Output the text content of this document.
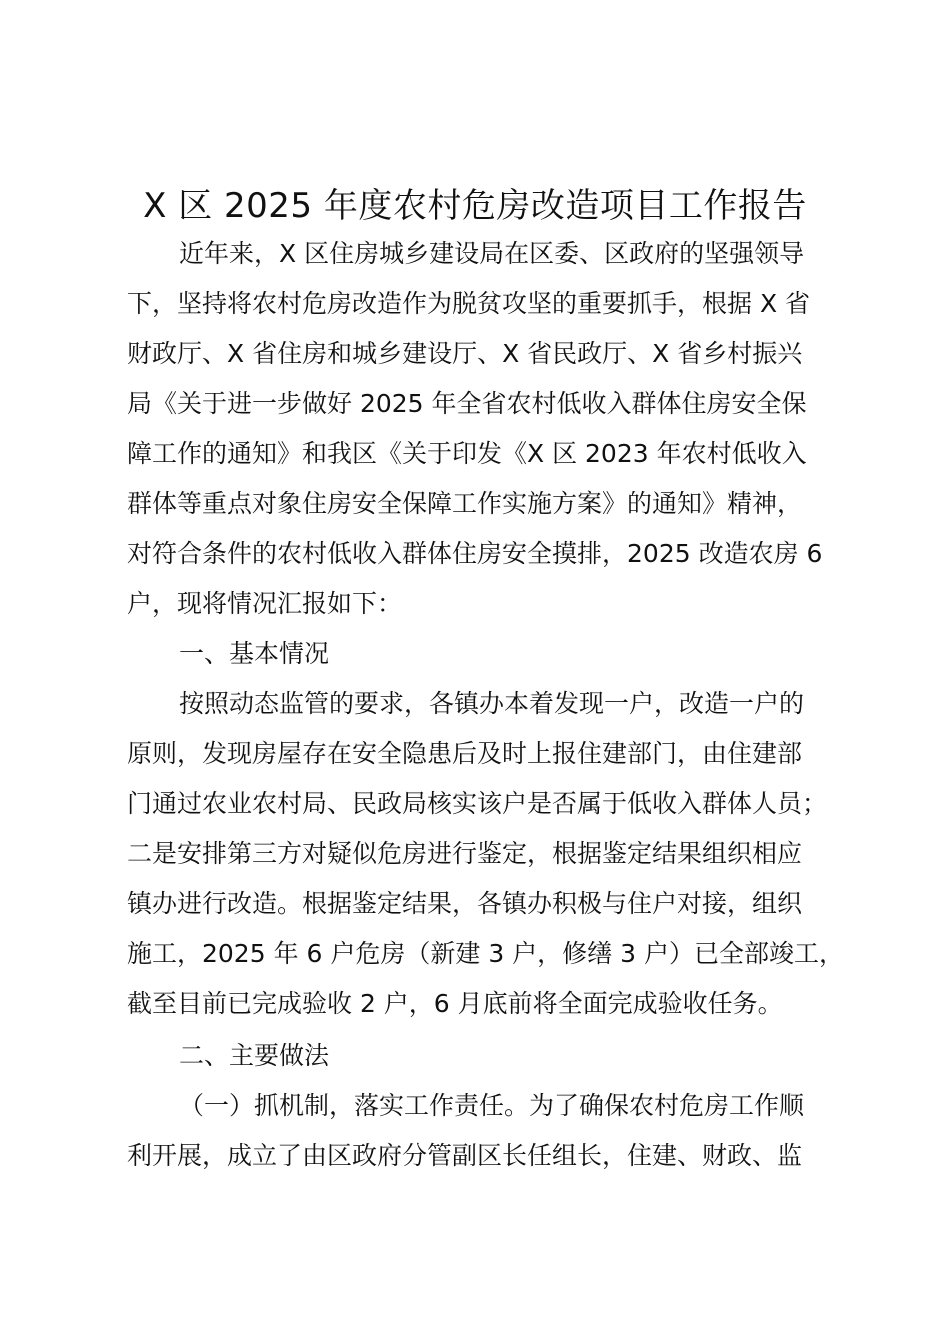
X 区 2025 年度农村危房改造项目工作报告
近年来，X 区住房城乡建设局在区委、区政府的坚强领导
下，坚持将农村危房改造作为脱贫攻坚的重要抓手，根据 X 省
财政厅、X 省住房和城乡建设厅、X 省民政厅、X 省乡村振兴
局《关于进一步做好 2025 年全省农村低收入群体住房安全保
障工作的通知》和我区《关于印发《X 区 2023 年农村低收入
群体等重点对象住房安全保障工作实施方案》的通知》精神，
对符合条件的农村低收入群体住房安全摸排，2025 改造农房 6
户，现将情况汇报如下：
一、基本情况
按照动态监管的要求，各镇办本着发现一户，改造一户的
原则，发现房屋存在安全隐患后及时上报住建部门，由住建部
门通过农业农村局、民政局核实该户是否属于低收入群体人员；
二是安排第三方对疑似危房进行鉴定，根据鉴定结果组织相应
镇办进行改造。根据鉴定结果，各镇办积极与住户对接，组织
施工，2025 年 6 户危房（新建 3 户，修缮 3 户）已全部竣工，
截至目前已完成验收 2 户，6 月底前将全面完成验收任务。
二、主要做法
（一）抓机制，落实工作责任。为了确保农村危房工作顺
利开展，成立了由区政府分管副区长任组长，住建、财政、监
